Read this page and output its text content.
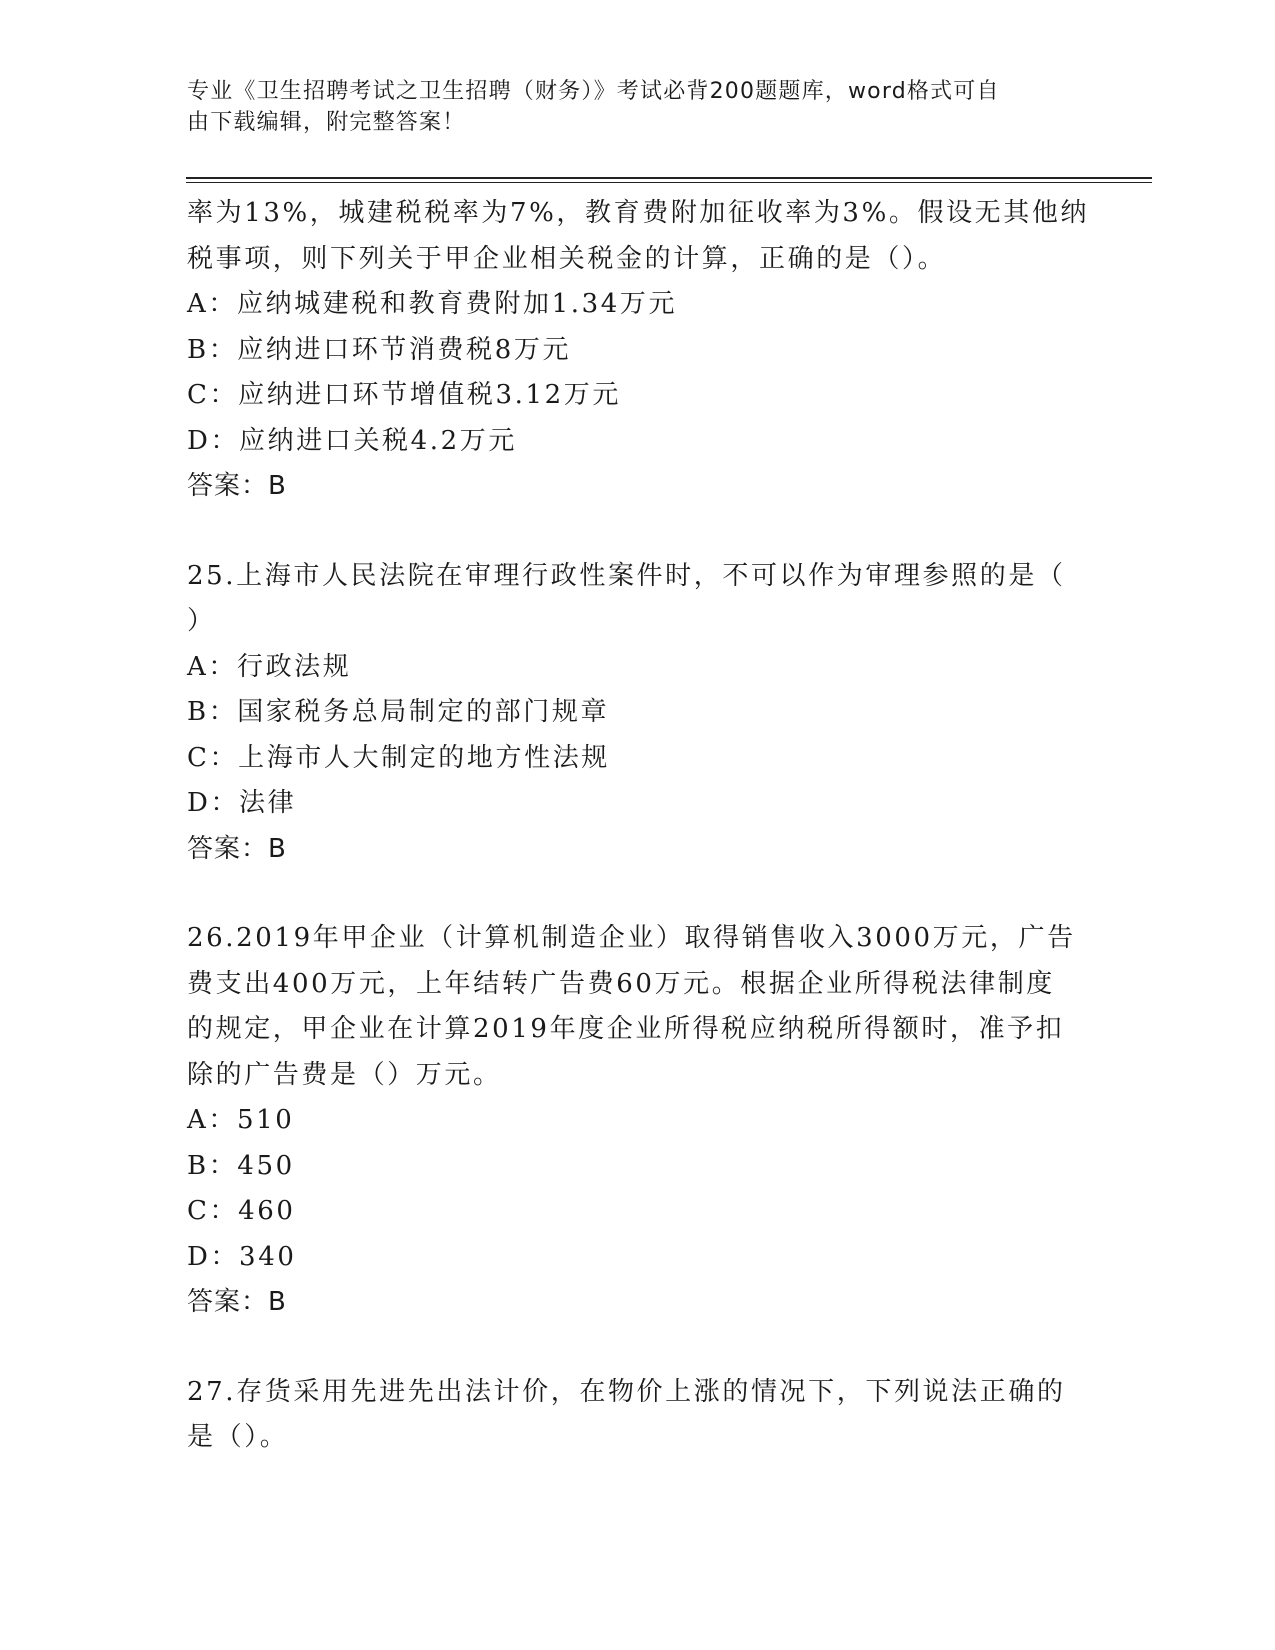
专业《卫生招聘考试之卫生招聘（财务）》考试必背200题题库，word格式可自
由下载编辑，附完整答案！
率为13%，城建税税率为7%，教育费附加征收率为3%。假设无其他纳
税事项，则下列关于甲企业相关税金的计算，正确的是（）。
A：应纳城建税和教育费附加1.34万元
B：应纳进口环节消费税8万元
C：应纳进口环节增值税3.12万元
D：应纳进口关税4.2万元
答案：B
25.上海市人民法院在审理行政性案件时，不可以作为审理参照的是（
）
A：行政法规
B：国家税务总局制定的部门规章
C：上海市人大制定的地方性法规
D：法律
答案：B
26.2019年甲企业（计算机制造企业）取得销售收入3000万元，广告
费支出400万元，上年结转广告费60万元。根据企业所得税法律制度
的规定，甲企业在计算2019年度企业所得税应纳税所得额时，准予扣
除的广告费是（）万元。
A：510
B：450
C：460
D：340
答案：B
27.存货采用先进先出法计价，在物价上涨的情况下，下列说法正确的
是（）。
